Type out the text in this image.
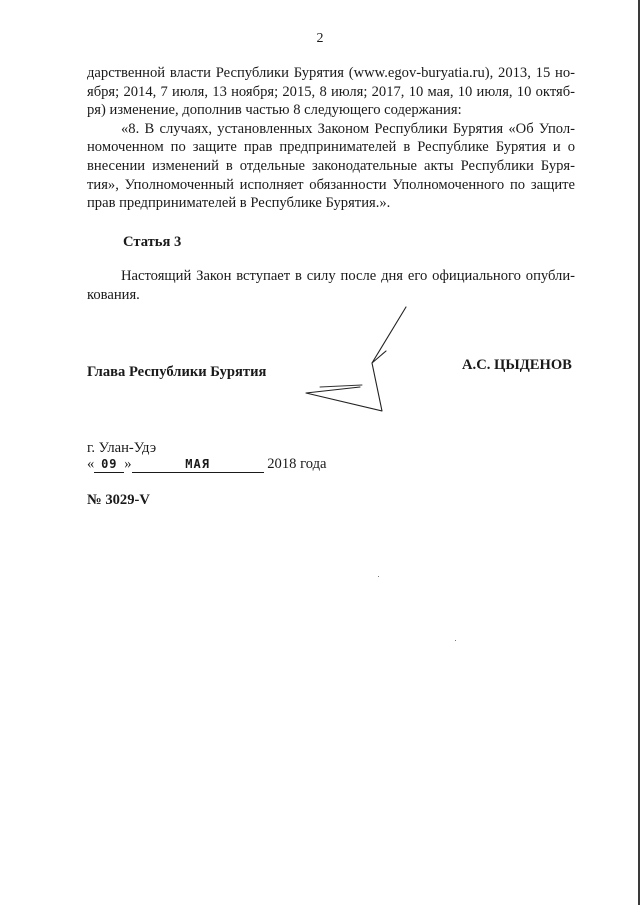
2
дарственной власти Республики Бурятия (www.egov-buryatia.ru), 2013, 15 но-
ября; 2014, 7 июля, 13 ноября; 2015, 8 июля; 2017, 10 мая, 10 июля, 10 октяб-
ря) изменение, дополнив частью 8 следующего содержания:
«8. В случаях, установленных Законом Республики Бурятия «Об Упол-
номоченном по защите прав предпринимателей в Республике Бурятия и о
внесении изменений в отдельные законодательные акты Республики Буря-
тия», Уполномоченный исполняет обязанности Уполномоченного по защите
прав предпринимателей в Республике Бурятия.».
Статья 3
Настоящий Закон вступает в силу после дня его официального опубли-
кования.
Глава Республики Бурятия	А.С. ЦЫДЕНОВ
г. Улан-Удэ
« 09 »	МАЯ	2018 года
№ 3029-V
